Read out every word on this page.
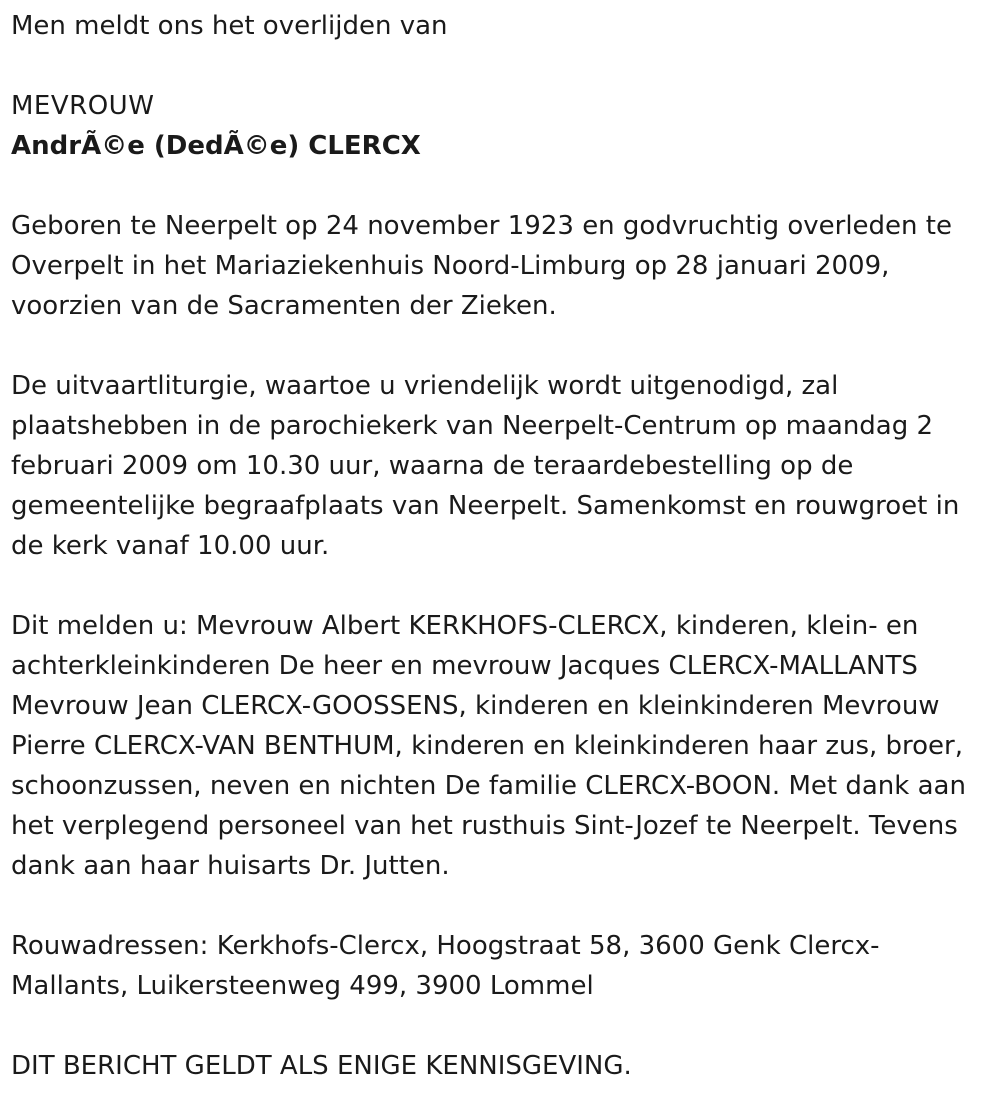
Men meldt ons het overlijden van

MEVROUW

AndrÃ©e (DedÃ©e) CLERCX

Geboren te Neerpelt op 24 november 1923 en godvruchtig overleden te

Overpelt in het Mariaziekenhuis Noord-Limburg op 28 januari 2009,

voorzien van de Sacramenten der Zieken.

De uitvaartliturgie, waartoe u vriendelijk wordt uitgenodigd, zal

plaatshebben in de parochiekerk van Neerpelt-Centrum op maandag 2

februari 2009 om 10.30 uur, waarna de teraardebestelling op de

gemeentelijke begraafplaats van Neerpelt. Samenkomst en rouwgroet in

de kerk vanaf 10.00 uur.

Dit melden u: Mevrouw Albert KERKHOFS-CLERCX, kinderen, klein- en

achterkleinkinderen De heer en mevrouw Jacques CLERCX-MALLANTS

Mevrouw Jean CLERCX-GOOSSENS, kinderen en kleinkinderen Mevrouw

Pierre CLERCX-VAN BENTHUM, kinderen en kleinkinderen haar zus, broer,

schoonzussen, neven en nichten De familie CLERCX-BOON. Met dank aan

het verplegend personeel van het rusthuis Sint-Jozef te Neerpelt. Tevens

dank aan haar huisarts Dr. Jutten.

Rouwadressen: Kerkhofs-Clercx, Hoogstraat 58, 3600 Genk Clercx-

Mallants, Luikersteenweg 499, 3900 Lommel

DIT BERICHT GELDT ALS ENIGE KENNISGEVING.
